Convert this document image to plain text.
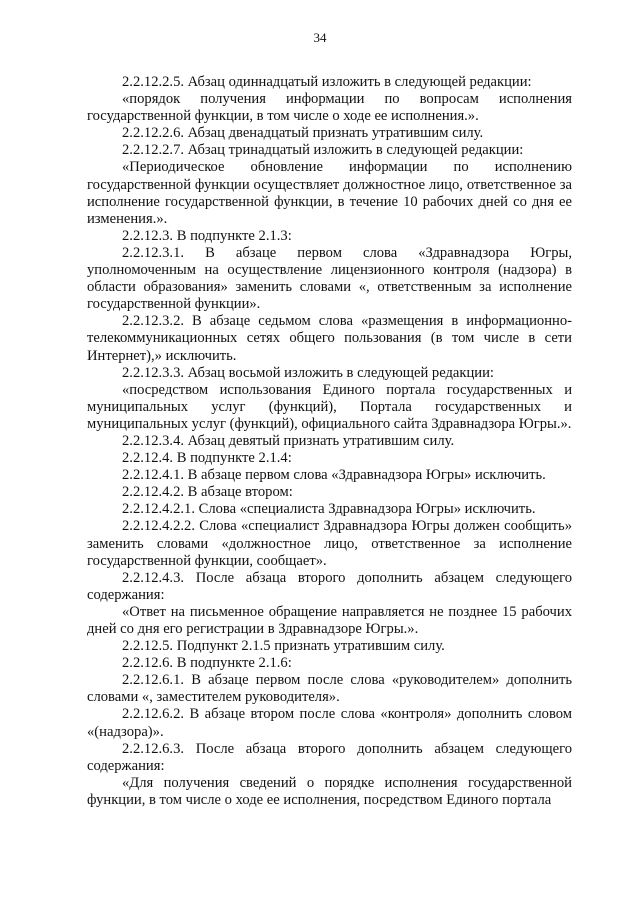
34

2.2.12.2.5. Абзац одиннадцатый изложить в следующей редакции:

«порядок получения информации по вопросам исполнения государственной функции, в том числе о ходе ее исполнения.».

2.2.12.2.6. Абзац двенадцатый признать утратившим силу.

2.2.12.2.7. Абзац тринадцатый изложить в следующей редакции:

«Периодическое обновление информации по исполнению государственной функции осуществляет должностное лицо, ответственное за исполнение государственной функции, в течение 10 рабочих дней со дня ее изменения.».

2.2.12.3. В подпункте 2.1.3:

2.2.12.3.1. В абзаце первом слова «Здравнадзора Югры, уполномоченным на осуществление лицензионного контроля (надзора) в области образования» заменить словами «, ответственным за исполнение государственной функции».

2.2.12.3.2. В абзаце седьмом слова «размещения в информационно-телекоммуникационных сетях общего пользования (в том числе в сети Интернет),» исключить.

2.2.12.3.3. Абзац восьмой изложить в следующей редакции:

«посредством использования Единого портала государственных и муниципальных услуг (функций), Портала государственных и муниципальных услуг (функций), официального сайта Здравнадзора Югры.».

2.2.12.3.4. Абзац девятый признать утратившим силу.

2.2.12.4. В подпункте 2.1.4:

2.2.12.4.1. В абзаце первом слова «Здравнадзора Югры» исключить.

2.2.12.4.2. В абзаце втором:

2.2.12.4.2.1. Слова «специалиста Здравнадзора Югры» исключить.

2.2.12.4.2.2. Слова «специалист Здравнадзора Югры должен сообщить» заменить словами «должностное лицо, ответственное за исполнение государственной функции, сообщает».

2.2.12.4.3. После абзаца второго дополнить абзацем следующего содержания:

«Ответ на письменное обращение направляется не позднее 15 рабочих дней со дня его регистрации в Здравнадзоре Югры.».

2.2.12.5. Подпункт 2.1.5 признать утратившим силу.

2.2.12.6. В подпункте 2.1.6:

2.2.12.6.1. В абзаце первом после слова «руководителем» дополнить словами «, заместителем руководителя».

2.2.12.6.2. В абзаце втором после слова «контроля» дополнить словом «(надзора)».

2.2.12.6.3. После абзаца второго дополнить абзацем следующего содержания:

«Для получения сведений о порядке исполнения государственной функции, в том числе о ходе ее исполнения, посредством Единого портала
